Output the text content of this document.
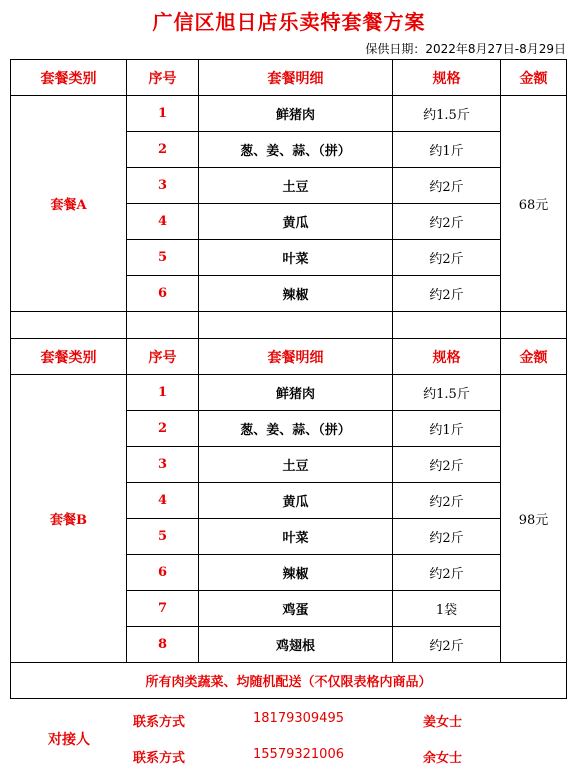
广信区旭日店乐卖特套餐方案
保供日期：2022年8月27日-8月29日
套餐类别	序号	套餐明细	规格	金额
套餐A	1	鲜猪肉	约1.5斤	68元
	2	葱、姜、蒜、（拼）	约1斤	
	3	土豆	约2斤	
	4	黄瓜	约2斤	
	5	叶菜	约2斤	
	6	辣椒	约2斤	

套餐类别	序号	套餐明细	规格	金额
套餐B	1	鲜猪肉	约1.5斤	98元
	2	葱、姜、蒜、（拼）	约1斤	
	3	土豆	约2斤	
	4	黄瓜	约2斤	
	5	叶菜	约2斤	
	6	辣椒	约2斤	
	7	鸡蛋	1袋	
	8	鸡翅根	约2斤	
所有肉类蔬菜、均随机配送（不仅限表格内商品）				
对接人
联系方式	18179309495	姜女士
联系方式	15579321006	余女士
